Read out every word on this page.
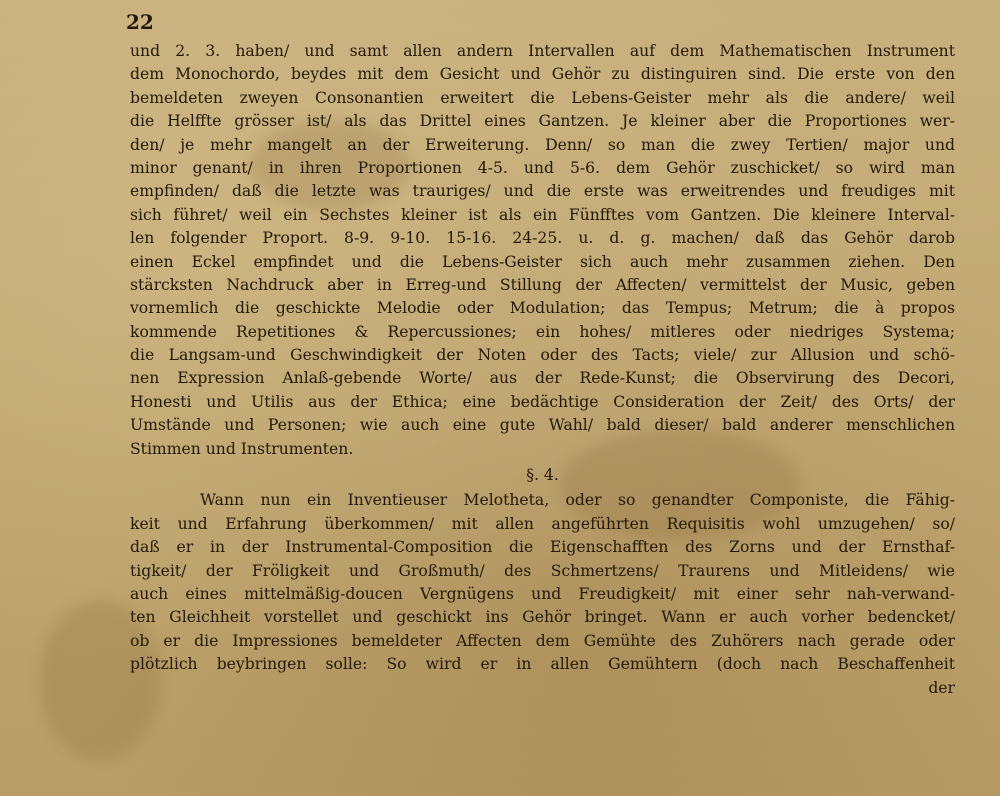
22
und 2. 3. haben/ und samt allen andern Intervallen auf dem Mathematischen Instrument
dem Monochordo, beydes mit dem Gesicht und Gehör zu distinguiren sind. Die erste von den
bemeldeten zweyen Consonantien erweitert die Lebens-Geister mehr als die andere/ weil
die Helffte grösser ist/ als das Drittel eines Gantzen. Je kleiner aber die Proportiones wer-
den/ je mehr mangelt an der Erweiterung. Denn/ so man die zwey Tertien/ major und
minor genant/ in ihren Proportionen 4-5. und 5-6. dem Gehör zuschicket/ so wird man
empfinden/ daß die letzte was trauriges/ und die erste was erweitrendes und freudiges mit
sich führet/ weil ein Sechstes kleiner ist als ein Fünfftes vom Gantzen. Die kleinere Interval-
len folgender Proport. 8-9. 9-10. 15-16. 24-25. u. d. g. machen/ daß das Gehör darob
einen Eckel empfindet und die Lebens-Geister sich auch mehr zusammen ziehen. Den
stärcksten Nachdruck aber in Erreg-und Stillung der Affecten/ vermittelst der Music, geben
vornemlich die geschickte Melodie oder Modulation; das Tempus; Metrum; die à propos
kommende Repetitiones & Repercussiones; ein hohes/ mitleres oder niedriges Systema;
die Langsam-und Geschwindigkeit der Noten oder des Tacts; viele/ zur Allusion und schö-
nen Expression Anlaß-gebende Worte/ aus der Rede-Kunst; die Observirung des Decori,
Honesti und Utilis aus der Ethica; eine bedächtige Consideration der Zeit/ des Orts/ der
Umstände und Personen; wie auch eine gute Wahl/ bald dieser/ bald anderer menschlichen
Stimmen und Instrumenten.
§. 4.
Wann nun ein Inventieuser Melotheta, oder so genandter Componiste, die Fähig-
keit und Erfahrung überkommen/ mit allen angeführten Requisitis wohl umzugehen/ so/
daß er in der Instrumental-Composition die Eigenschafften des Zorns und der Ernsthaf-
tigkeit/ der Fröligkeit und Großmuth/ des Schmertzens/ Traurens und Mitleidens/ wie
auch eines mittelmäßig-doucen Vergnügens und Freudigkeit/ mit einer sehr nah-verwand-
ten Gleichheit vorstellet und geschickt ins Gehör bringet. Wann er auch vorher bedencket/
ob er die Impressiones bemeldeter Affecten dem Gemühte des Zuhörers nach gerade oder
plötzlich beybringen solle: So wird er in allen Gemühtern (doch nach Beschaffenheit
der
